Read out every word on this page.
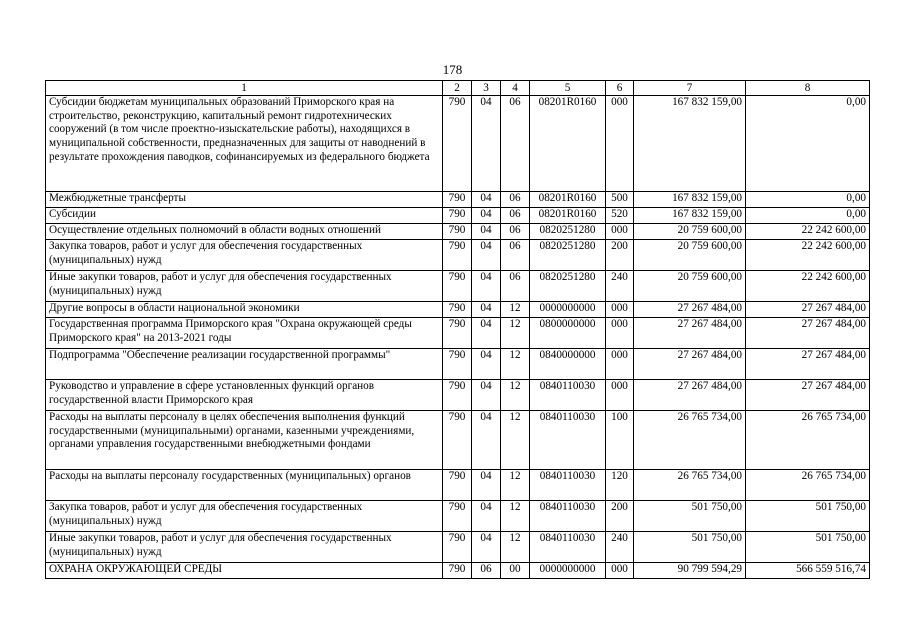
178
1	2	3	4	5	6	7	8
Субсидии бюджетам муниципальных образований Приморского края на строительство, реконструкцию, капитальный ремонт гидротехнических сооружений (в том числе проектно-изыскательские работы), находящихся в муниципальной собственности, предназначенных для защиты от наводнений в результате прохождения паводков, софинансируемых из федерального бюджета	790	04	06	08201R0160	000	167 832 159,00	0,00
Межбюджетные трансферты	790	04	06	08201R0160	500	167 832 159,00	0,00
Субсидии	790	04	06	08201R0160	520	167 832 159,00	0,00
Осуществление отдельных полномочий в области водных отношений	790	04	06	0820251280	000	20 759 600,00	22 242 600,00
Закупка товаров, работ и услуг для обеспечения государственных (муниципальных) нужд	790	04	06	0820251280	200	20 759 600,00	22 242 600,00
Иные закупки товаров, работ и услуг для обеспечения государственных (муниципальных) нужд	790	04	06	0820251280	240	20 759 600,00	22 242 600,00
Другие вопросы в области национальной экономики	790	04	12	0000000000	000	27 267 484,00	27 267 484,00
Государственная программа Приморского края "Охрана окружающей среды Приморского края" на 2013-2021 годы	790	04	12	0800000000	000	27 267 484,00	27 267 484,00
Подпрограмма "Обеспечение реализации государственной программы"	790	04	12	0840000000	000	27 267 484,00	27 267 484,00
Руководство и управление в сфере установленных функций органов государственной власти Приморского края	790	04	12	0840110030	000	27 267 484,00	27 267 484,00
Расходы на выплаты персоналу в целях обеспечения выполнения функций государственными (муниципальными) органами, казенными учреждениями, органами управления государственными внебюджетными фондами	790	04	12	0840110030	100	26 765 734,00	26 765 734,00
Расходы на выплаты персоналу государственных (муниципальных) органов	790	04	12	0840110030	120	26 765 734,00	26 765 734,00
Закупка товаров, работ и услуг для обеспечения государственных (муниципальных) нужд	790	04	12	0840110030	200	501 750,00	501 750,00
Иные закупки товаров, работ и услуг для обеспечения государственных (муниципальных) нужд	790	04	12	0840110030	240	501 750,00	501 750,00
ОХРАНА ОКРУЖАЮЩЕЙ СРЕДЫ	790	06	00	0000000000	000	90 799 594,29	566 559 516,74
